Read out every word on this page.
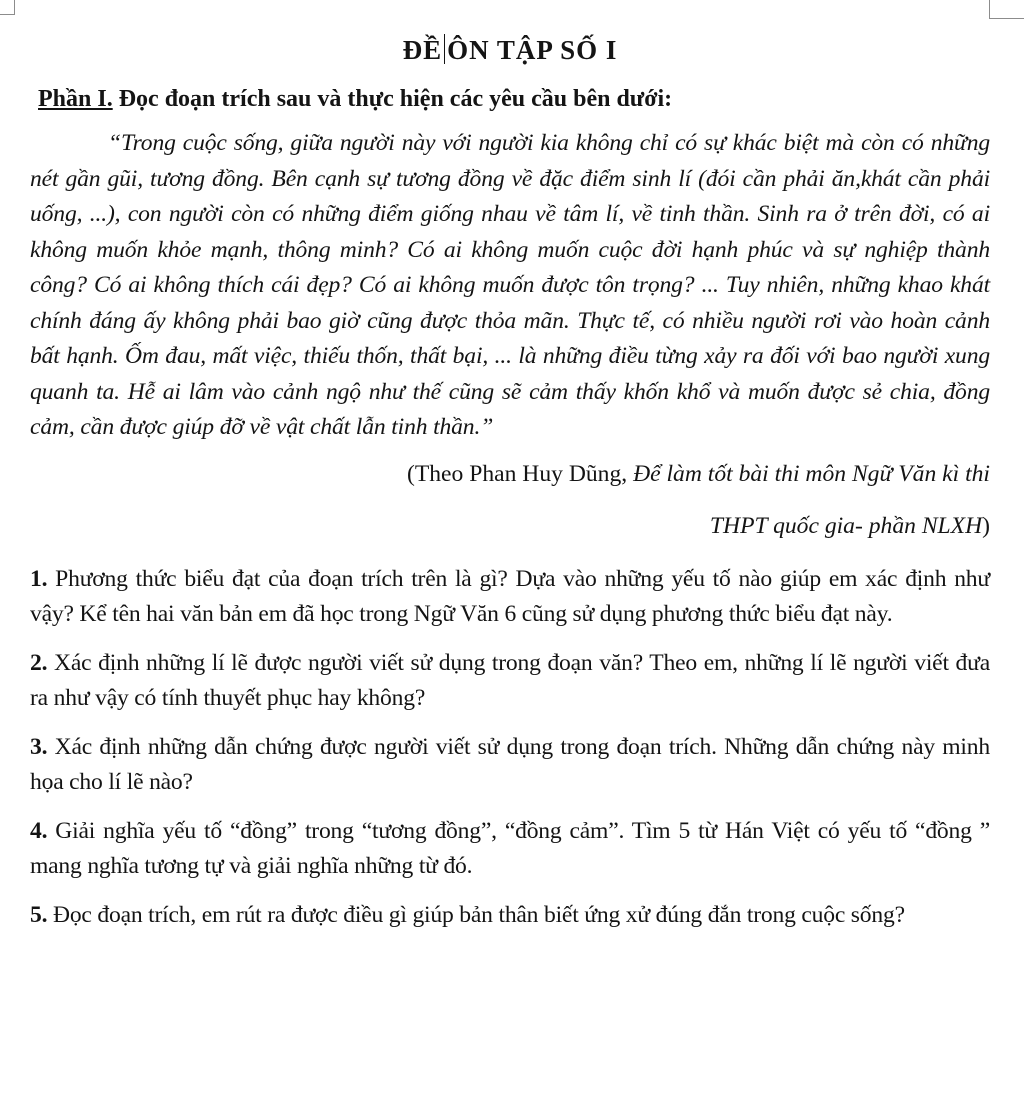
ĐỀ ÔN TẬP SỐ I
Phần I. Đọc đoạn trích sau và thực hiện các yêu cầu bên dưới:
“Trong cuộc sống, giữa người này với người kia không chỉ có sự khác biệt mà còn có những nét gần gũi, tương đồng. Bên cạnh sự tương đồng về đặc điểm sinh lí (đói cần phải ăn,khát cần phải uống, ...), con người còn có những điểm giống nhau về tâm lí, về tinh thần. Sinh ra ở trên đời, có ai không muốn khỏe mạnh, thông minh? Có ai không muốn cuộc đời hạnh phúc và sự nghiệp thành công? Có ai không thích cái đẹp? Có ai không muốn được tôn trọng? ... Tuy nhiên, những khao khát chính đáng ấy không phải bao giờ cũng được thỏa mãn. Thực tế, có nhiều người rơi vào hoàn cảnh bất hạnh. Ốm đau, mất việc, thiếu thốn, thất bại, ... là những điều từng xảy ra đối với bao người xung quanh ta. Hễ ai lâm vào cảnh ngộ như thế cũng sẽ cảm thấy khốn khổ và muốn được sẻ chia, đồng cảm, cần được giúp đỡ về vật chất lẫn tinh thần.”
(Theo Phan Huy Dũng, Để làm tốt bài thi môn Ngữ Văn kì thi
THPT quốc gia- phần NLXH)
1. Phương thức biểu đạt của đoạn trích trên là gì? Dựa vào những yếu tố nào giúp em xác định như vậy? Kể tên hai văn bản em đã học trong Ngữ Văn 6 cũng sử dụng phương thức biểu đạt này.
2. Xác định những lí lẽ được người viết sử dụng trong đoạn văn? Theo em, những lí lẽ người viết đưa ra như vậy có tính thuyết phục hay không?
3. Xác định những dẫn chứng được người viết sử dụng trong đoạn trích. Những dẫn chứng này minh họa cho lí lẽ nào?
4. Giải nghĩa yếu tố “đồng” trong “tương đồng”, “đồng cảm”. Tìm 5 từ Hán Việt có yếu tố “đồng ” mang nghĩa tương tự và giải nghĩa những từ đó.
5. Đọc đoạn trích, em rút ra được điều gì giúp bản thân biết ứng xử đúng đắn trong cuộc sống?
